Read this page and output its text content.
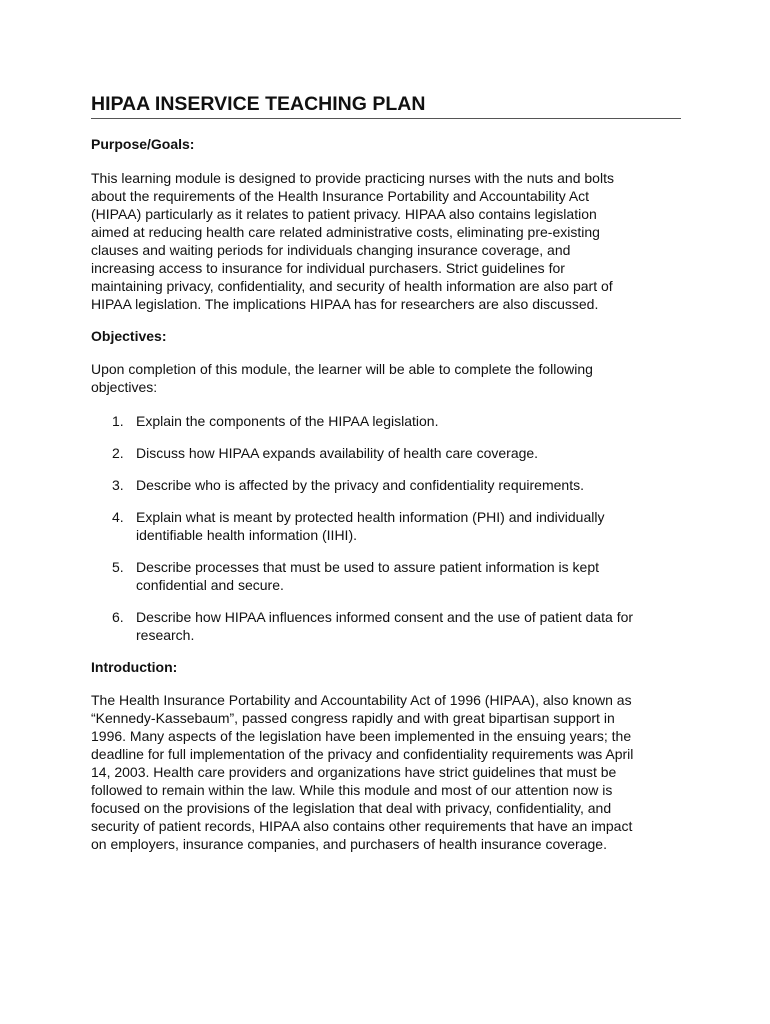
HIPAA INSERVICE TEACHING PLAN
Purpose/Goals:

This learning module is designed to provide practicing nurses with the nuts and bolts about the requirements of the Health Insurance Portability and Accountability Act (HIPAA) particularly as it relates to patient privacy. HIPAA also contains legislation aimed at reducing health care related administrative costs, eliminating pre-existing clauses and waiting periods for individuals changing insurance coverage, and increasing access to insurance for individual purchasers. Strict guidelines for maintaining privacy, confidentiality, and security of health information are also part of HIPAA legislation. The implications HIPAA has for researchers are also discussed.

Objectives:

Upon completion of this module, the learner will be able to complete the following objectives:

1. Explain the components of the HIPAA legislation.
2. Discuss how HIPAA expands availability of health care coverage.
3. Describe who is affected by the privacy and confidentiality requirements.
4. Explain what is meant by protected health information (PHI) and individually identifiable health information (IIHI).
5. Describe processes that must be used to assure patient information is kept confidential and secure.
6. Describe how HIPAA influences informed consent and the use of patient data for research.
Introduction:

The Health Insurance Portability and Accountability Act of 1996 (HIPAA), also known as “Kennedy-Kassebaum”, passed congress rapidly and with great bipartisan support in 1996. Many aspects of the legislation have been implemented in the ensuing years; the deadline for full implementation of the privacy and confidentiality requirements was April 14, 2003. Health care providers and organizations have strict guidelines that must be followed to remain within the law. While this module and most of our attention now is focused on the provisions of the legislation that deal with privacy, confidentiality, and security of patient records, HIPAA also contains other requirements that have an impact on employers, insurance companies, and purchasers of health insurance coverage.
